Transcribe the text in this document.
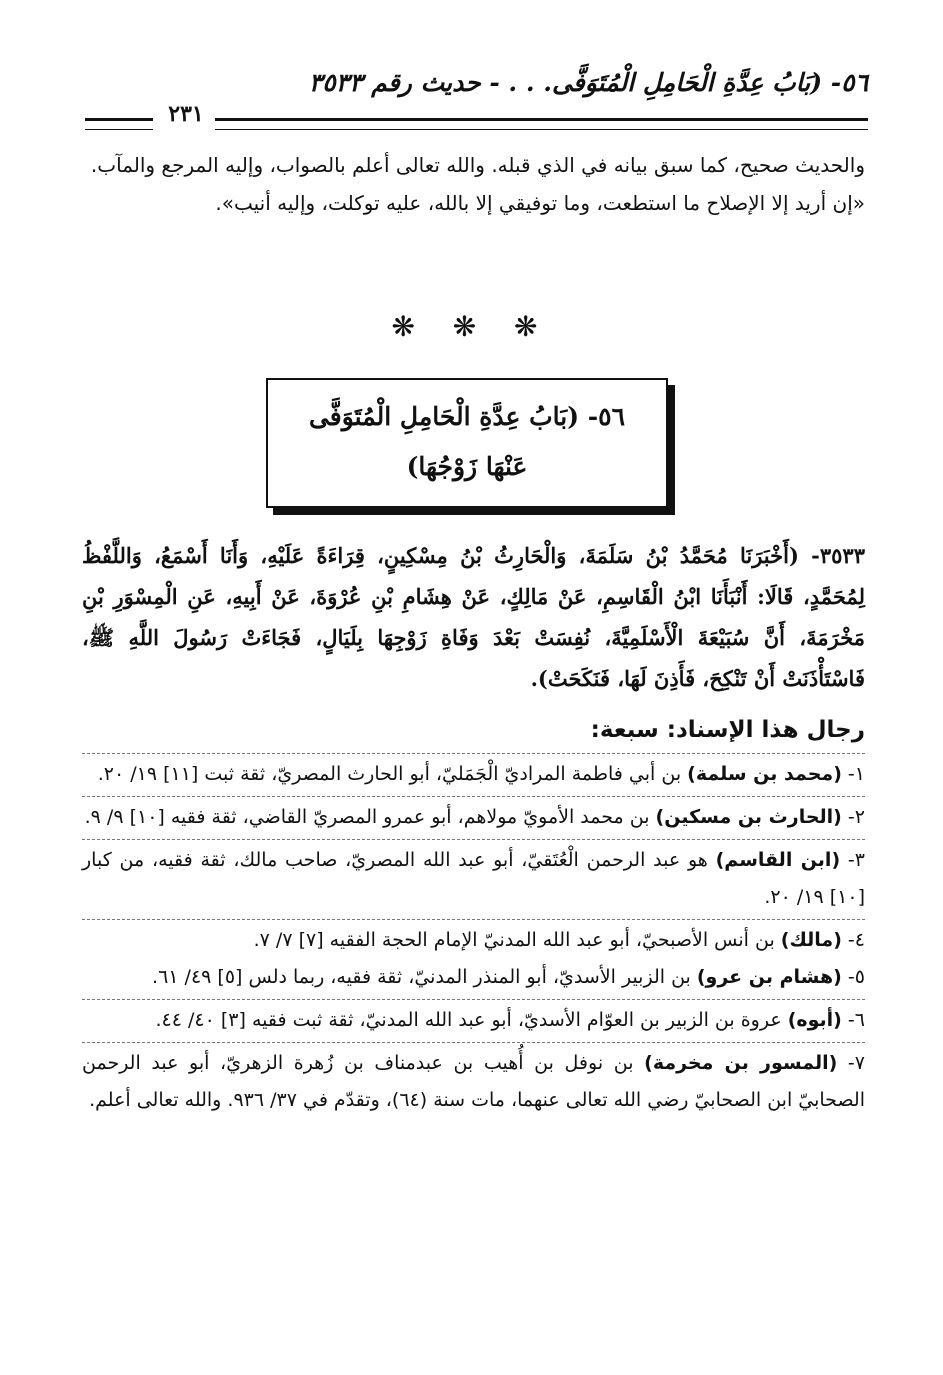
٥٦- (بَابُ عِدَّةِ الْحَامِلِ الْمُتَوَفَّى. . . - حديث رقم ٣٥٣٣
٢٣١

والحديث صحيح، كما سبق بيانه في الذي قبله. والله تعالى أعلم بالصواب، وإليه المرجع والمآب.

«إن أريد إلا الإصلاح ما استطعت، وما توفيقي إلا بالله، عليه توكلت، وإليه أنيب».

❋ ❋ ❋
٥٦- (بَابُ عِدَّةِ الْحَامِلِ الْمُتَوَفَّى
عَنْهَا زَوْجُهَا)

٣٥٣٣- (أَخْبَرَنَا مُحَمَّدُ بْنُ سَلَمَةَ، وَالْحَارِثُ بْنُ مِسْكِينٍ، قِرَاءَةً عَلَيْهِ، وَأَنَا أَسْمَعُ، وَاللَّفْظُ لِمُحَمَّدٍ، قَالَا: أَنْبَأَنَا ابْنُ الْقَاسِمِ، عَنْ مَالِكٍ، عَنْ هِشَامِ بْنِ عُرْوَةَ، عَنْ أَبِيهِ، عَنِ الْمِسْوَرِ بْنِ مَخْرَمَةَ، أَنَّ سُبَيْعَةَ الْأَسْلَمِيَّةَ، نُفِسَتْ بَعْدَ وَفَاةِ زَوْجِهَا بِلَيَالٍ، فَجَاءَتْ رَسُولَ اللَّهِ ﷺ، فَاسْتَأْذَنَتْ أَنْ تَنْكِحَ، فَأَذِنَ لَهَا، فَنَكَحَتْ).

رجال هذا الإسناد: سبعة:

١- (محمد بن سلمة) بن أبي فاطمة المراديّ الْجَمَليّ، أبو الحارث المصريّ، ثقة ثبت [١١] ١٩/ ٢٠.

٢- (الحارث بن مسكين) بن محمد الأمويّ مولاهم، أبو عمرو المصريّ القاضي، ثقة فقيه [١٠] ٩/ ٩.

٣- (ابن القاسم) هو عبد الرحمن الْعُتَقيّ، أبو عبد الله المصريّ، صاحب مالك، ثقة فقيه، من كبار [١٠] ١٩/ ٢٠.

٤- (مالك) بن أنس الأصبحيّ، أبو عبد الله المدنيّ الإمام الحجة الفقيه [٧] ٧/ ٧.

٥- (هشام بن عرو) بن الزبير الأسديّ، أبو المنذر المدنيّ، ثقة فقيه، ربما دلس [٥] ٤٩/ ٦١.

٦- (أبوه) عروة بن الزبير بن العوّام الأسديّ، أبو عبد الله المدنيّ، ثقة ثبت فقيه [٣] ٤٠/ ٤٤.

٧- (المسور بن مخرمة) بن نوفل بن أُهيب بن عبدمناف بن زُهرة الزهريّ، أبو عبد الرحمن الصحابيّ ابن الصحابيّ رضي الله تعالى عنهما، مات سنة (٦٤)، وتقدّم في ٣٧/ ٩٣٦. والله تعالى أعلم.
